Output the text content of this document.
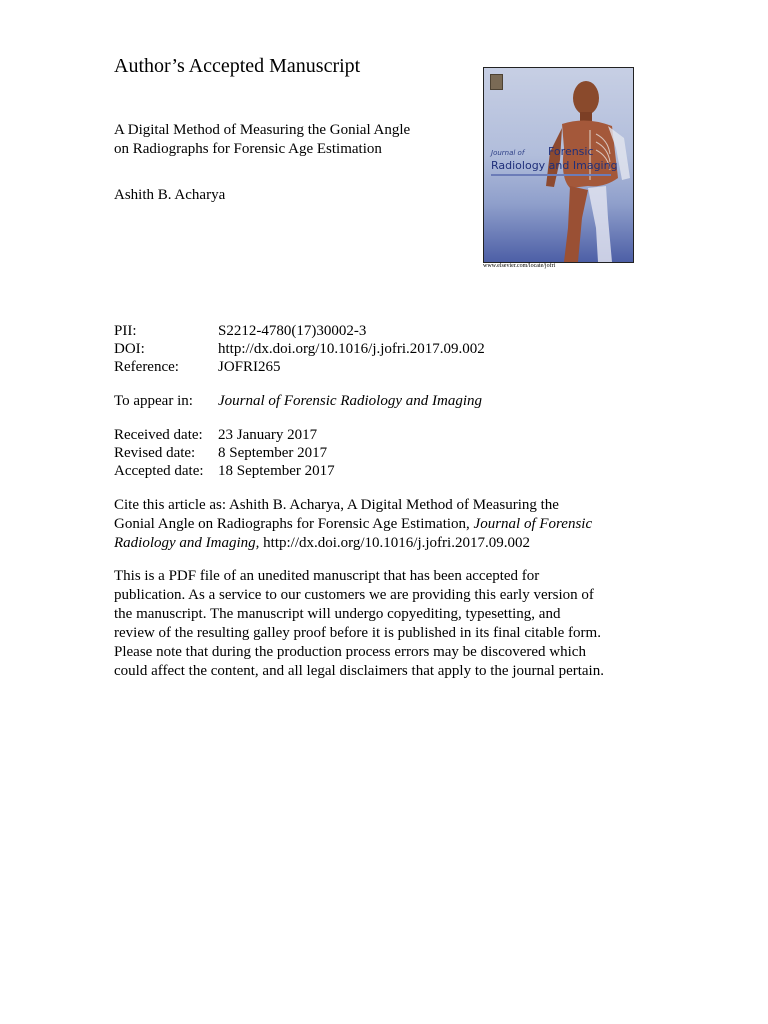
Author’s Accepted Manuscript
A Digital Method of Measuring the Gonial Angle
on Radiographs for Forensic Age Estimation
Ashith B. Acharya
PII:	S2212-4780(17)30002-3
DOI:	http://dx.doi.org/10.1016/j.jofri.2017.09.002
Reference:	JOFRI265
To appear in: Journal of Forensic Radiology and Imaging
Received date: 23 January 2017
Revised date: 8 September 2017
Accepted date: 18 September 2017
Cite this article as: Ashith B. Acharya, A Digital Method of Measuring the
Gonial Angle on Radiographs for Forensic Age Estimation, Journal of Forensic
Radiology and Imaging, http://dx.doi.org/10.1016/j.jofri.2017.09.002
This is a PDF file of an unedited manuscript that has been accepted for
publication. As a service to our customers we are providing this early version of
the manuscript. The manuscript will undergo copyediting, typesetting, and
review of the resulting galley proof before it is published in its final citable form.
Please note that during the production process errors may be discovered which
could affect the content, and all legal disclaimers that apply to the journal pertain.
Journal of Forensic
Radiology and Imaging
www.elsevier.com/locate/jofri
